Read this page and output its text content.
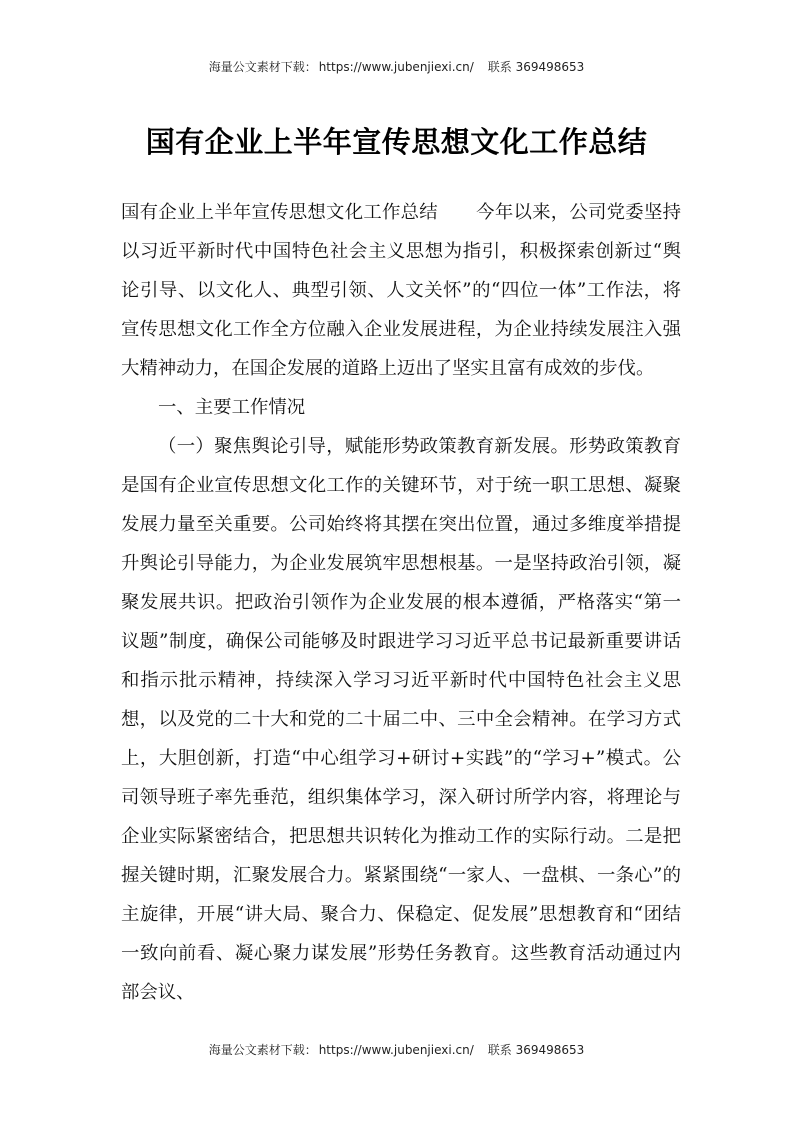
海量公文素材下载： https://www.jubenjiexi.cn/ 联系 369498653
国有企业上半年宣传思想文化工作总结

国有企业上半年宣传思想文化工作总结 今年以来，公司党委坚持以习近平新时代中国特色社会主义思想为指引，积极探索创新过“舆论引导、以文化人、典型引领、人文关怀”的“四位一体”工作法，将宣传思想文化工作全方位融入企业发展进程，为企业持续发展注入强大精神动力，在国企发展的道路上迈出了坚实且富有成效的步伐。

一、主要工作情况

（一）聚焦舆论引导，赋能形势政策教育新发展。形势政策教育是国有企业宣传思想文化工作的关键环节，对于统一职工思想、凝聚发展力量至关重要。公司始终将其摆在突出位置，通过多维度举措提升舆论引导能力，为企业发展筑牢思想根基。一是坚持政治引领，凝聚发展共识。把政治引领作为企业发展的根本遵循，严格落实“第一议题”制度，确保公司能够及时跟进学习习近平总书记最新重要讲话和指示批示精神，持续深入学习习近平新时代中国特色社会主义思想，以及党的二十大和党的二十届二中、三中全会精神。在学习方式上，大胆创新，打造“中心组学习+研讨+实践”的“学习+”模式。公司领导班子率先垂范，组织集体学习，深入研讨所学内容，将理论与企业实际紧密结合，把思想共识转化为推动工作的实际行动。二是把握关键时期，汇聚发展合力。紧紧围绕“一家人、一盘棋、一条心”的主旋律，开展“讲大局、聚合力、保稳定、促发展”思想教育和“团结一致向前看、凝心聚力谋发展”形势任务教育。这些教育活动通过内部会议、

海量公文素材下载： https://www.jubenjiexi.cn/ 联系 369498653
